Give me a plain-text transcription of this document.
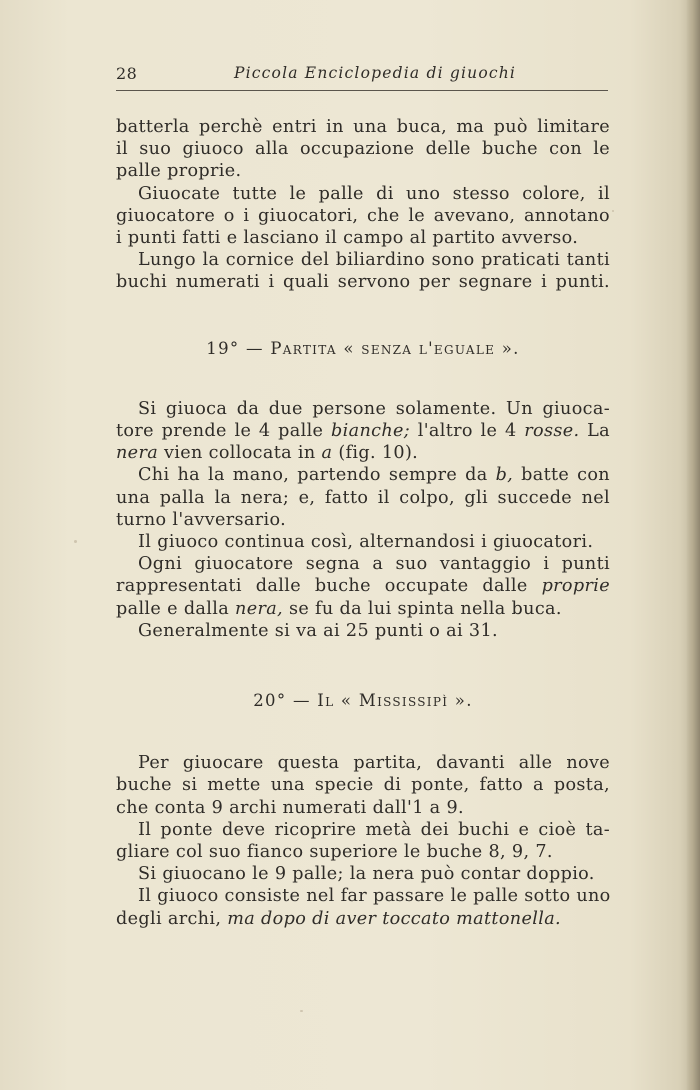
28	Piccola Enciclopedia di giuochi
batterla perchè entri in una buca, ma può limitare
il suo giuoco alla occupazione delle buche con le
palle proprie.
Giuocate tutte le palle di uno stesso colore, il
giuocatore o i giuocatori, che le avevano, annotano
i punti fatti e lasciano il campo al partito avverso.
Lungo la cornice del biliardino sono praticati tanti
buchi numerati i quali servono per segnare i punti.
19° — Partita « senza l'eguale ».
Si giuoca da due persone solamente. Un giuoca-
tore prende le 4 palle bianche; l'altro le 4 rosse. La
nera vien collocata in a (fig. 10).
Chi ha la mano, partendo sempre da b, batte con
una palla la nera; e, fatto il colpo, gli succede nel
turno l'avversario.
Il giuoco continua così, alternandosi i giuocatori.
Ogni giuocatore segna a suo vantaggio i punti
rappresentati dalle buche occupate dalle proprie
palle e dalla nera, se fu da lui spinta nella buca.
Generalmente si va ai 25 punti o ai 31.
20° — Il « Mississipì ».
Per giuocare questa partita, davanti alle nove
buche si mette una specie di ponte, fatto a posta,
che conta 9 archi numerati dall'1 a 9.
Il ponte deve ricoprire metà dei buchi e cioè ta-
gliare col suo fianco superiore le buche 8, 9, 7.
Si giuocano le 9 palle; la nera può contar doppio.
Il giuoco consiste nel far passare le palle sotto uno
degli archi, ma dopo di aver toccato mattonella.
